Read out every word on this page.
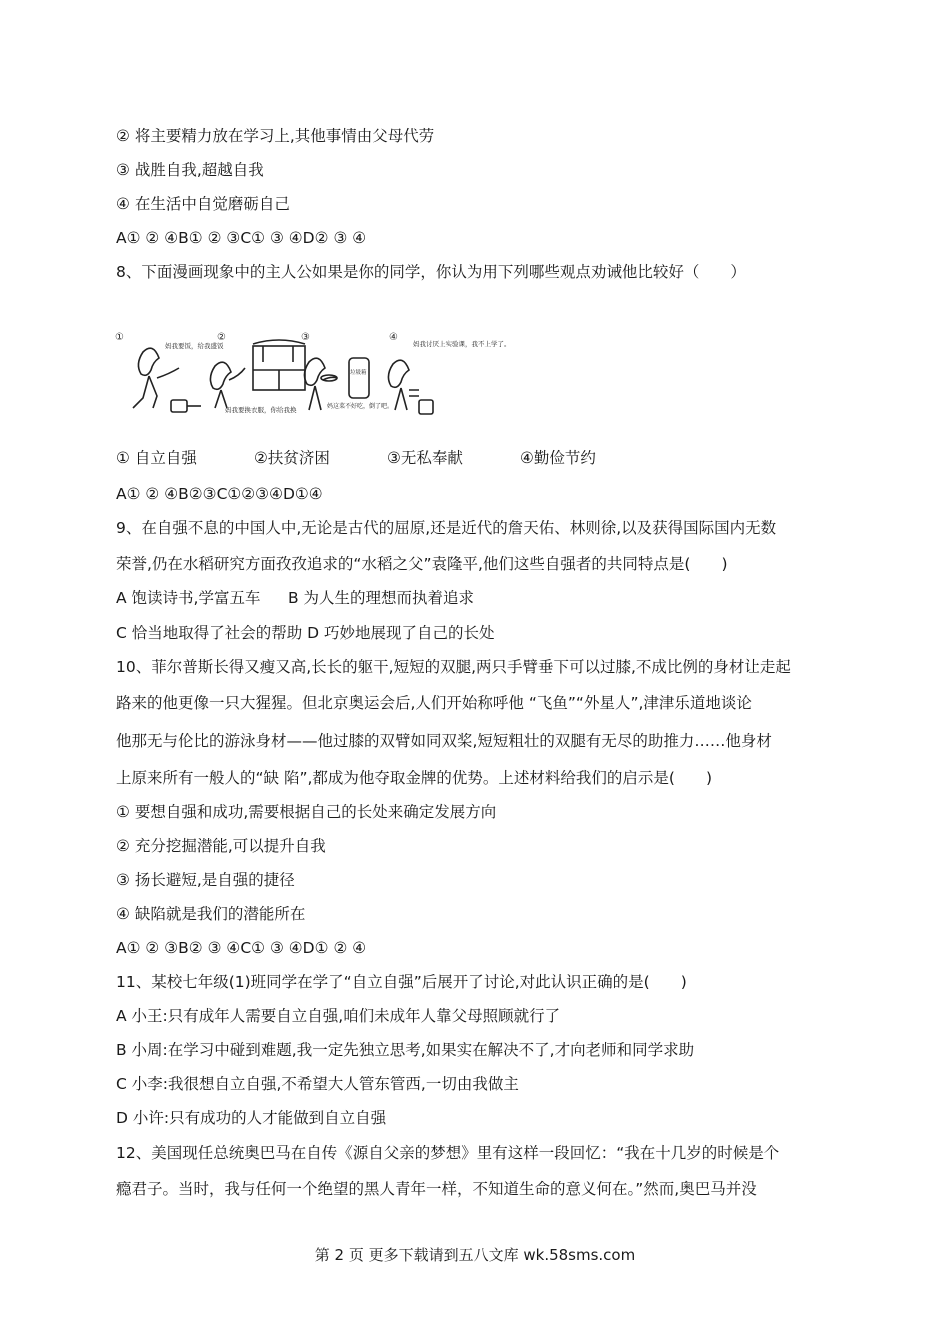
② 将主要精力放在学习上,其他事情由父母代劳
③ 战胜自我,超越自我
④ 在生活中自觉磨砺自己
A① ② ④B① ② ③C① ③ ④D② ③ ④
8、下面漫画现象中的主人公如果是你的同学，你认为用下列哪些观点劝诫他比较好（　　）
①	②	③	④
妈我要饭，给我盛饭
妈我要换衣服，你给我换
垃圾箱
妈这菜不好吃，倒了吧。
妈我讨厌上实验课，我不上学了。
① 自立自强	②扶贫济困	③无私奉献	④勤俭节约
A① ② ④B②③C①②③④D①④
9、在自强不息的中国人中,无论是古代的屈原,还是近代的詹天佑、林则徐,以及获得国际国内无数
荣誉,仍在水稻研究方面孜孜追求的“水稻之父”袁隆平,他们这些自强者的共同特点是(　　)
A 饱读诗书,学富五车 B 为人生的理想而执着追求
C 恰当地取得了社会的帮助 D 巧妙地展现了自己的长处
10、菲尔普斯长得又瘦又高,长长的躯干,短短的双腿,两只手臂垂下可以过膝,不成比例的身材让走起
路来的他更像一只大猩猩。但北京奥运会后,人们开始称呼他 “飞鱼”“外星人”,津津乐道地谈论
他那无与伦比的游泳身材——他过膝的双臂如同双桨,短短粗壮的双腿有无尽的助推力……他身材
上原来所有一般人的“缺 陷”,都成为他夺取金牌的优势。上述材料给我们的启示是(　　)
① 要想自强和成功,需要根据自己的长处来确定发展方向
② 充分挖掘潜能,可以提升自我
③ 扬长避短,是自强的捷径
④ 缺陷就是我们的潜能所在
A① ② ③B② ③ ④C① ③ ④D① ② ④
11、某校七年级(1)班同学在学了“自立自强”后展开了讨论,对此认识正确的是(　　)
A 小王:只有成年人需要自立自强,咱们未成年人靠父母照顾就行了
B 小周:在学习中碰到难题,我一定先独立思考,如果实在解决不了,才向老师和同学求助
C 小李:我很想自立自强,不希望大人管东管西,一切由我做主
D 小许:只有成功的人才能做到自立自强
12、美国现任总统奥巴马在自传《源自父亲的梦想》里有这样一段回忆：“我在十几岁的时候是个
瘾君子。当时，我与任何一个绝望的黑人青年一样，不知道生命的意义何在。”然而,奥巴马并没
第 2 页 更多下载请到五八文库 wk.58sms.com
